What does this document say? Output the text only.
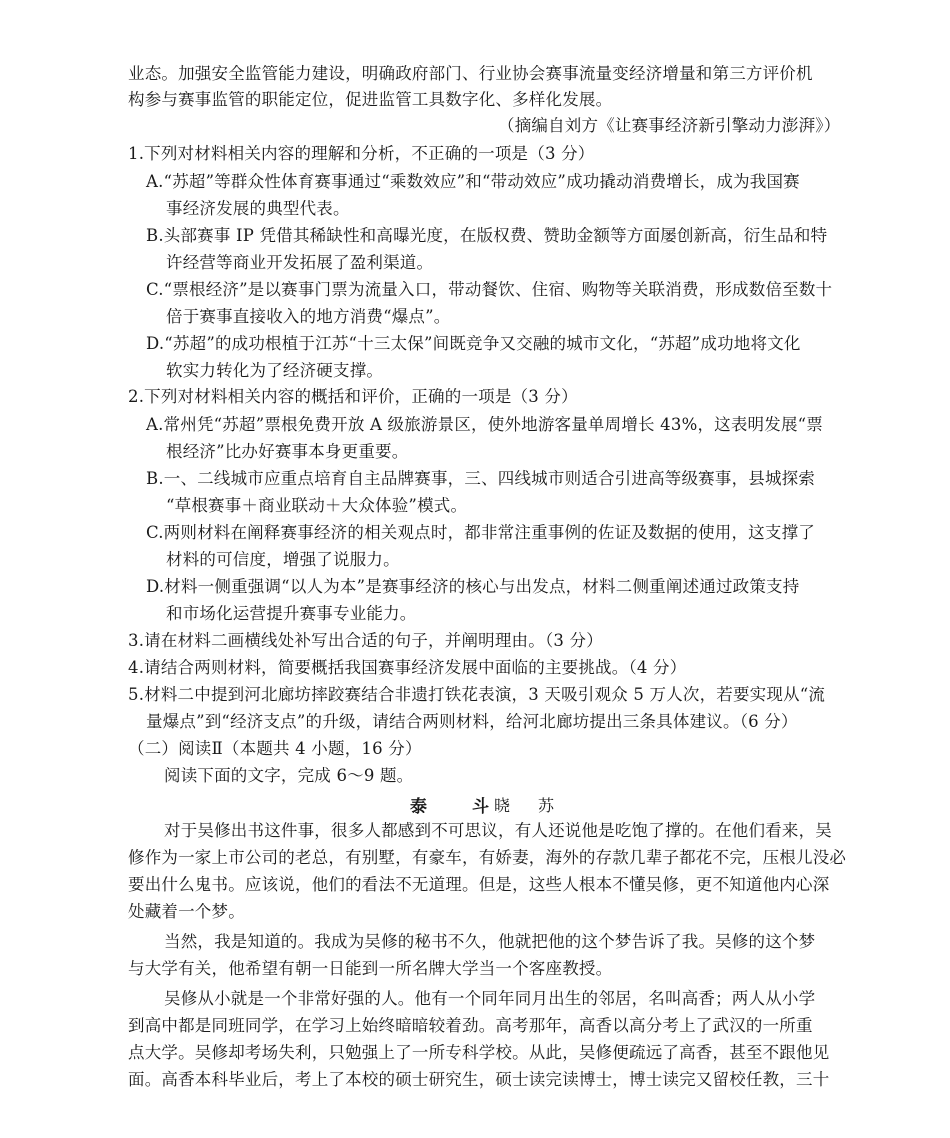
业态。加强安全监管能力建设，明确政府部门、行业协会赛事流量变经济增量和第三方评价机
构参与赛事监管的职能定位，促进监管工具数字化、多样化发展。
（摘编自刘方《让赛事经济新引擎动力澎湃》）
1.下列对材料相关内容的理解和分析，不正确的一项是（3 分）
A.“苏超”等群众性体育赛事通过“乘数效应”和“带动效应”成功撬动消费增长，成为我国赛
事经济发展的典型代表。
B.头部赛事 IP 凭借其稀缺性和高曝光度，在版权费、赞助金额等方面屡创新高，衍生品和特
许经营等商业开发拓展了盈利渠道。
C.“票根经济”是以赛事门票为流量入口，带动餐饮、住宿、购物等关联消费，形成数倍至数十
倍于赛事直接收入的地方消费“爆点”。
D.“苏超”的成功根植于江苏“十三太保”间既竞争又交融的城市文化，“苏超”成功地将文化
软实力转化为了经济硬支撑。
2.下列对材料相关内容的概括和评价，正确的一项是（3 分）
A.常州凭“苏超”票根免费开放 A 级旅游景区，使外地游客量单周增长 43%，这表明发展“票
根经济”比办好赛事本身更重要。
B.一、二线城市应重点培育自主品牌赛事，三、四线城市则适合引进高等级赛事，县城探索
“草根赛事＋商业联动＋大众体验”模式。
C.两则材料在阐释赛事经济的相关观点时，都非常注重事例的佐证及数据的使用，这支撑了
材料的可信度，增强了说服力。
D.材料一侧重强调“以人为本”是赛事经济的核心与出发点，材料二侧重阐述通过政策支持
和市场化运营提升赛事专业能力。
3.请在材料二画横线处补写出合适的句子，并阐明理由。（3 分）
4.请结合两则材料，简要概括我国赛事经济发展中面临的主要挑战。（4 分）
5.材料二中提到河北廊坊摔跤赛结合非遗打铁花表演，3 天吸引观众 5 万人次，若要实现从“流
量爆点”到“经济支点”的升级，请结合两则材料，给河北廊坊提出三条具体建议。（6 分）
（二）阅读Ⅱ（本题共 4 小题，16 分）
阅读下面的文字，完成 6～9 题。
泰　斗
晓　苏
对于吴修出书这件事，很多人都感到不可思议，有人还说他是吃饱了撑的。在他们看来，吴
修作为一家上市公司的老总，有别墅，有豪车，有娇妻，海外的存款几辈子都花不完，压根儿没必
要出什么鬼书。应该说，他们的看法不无道理。但是，这些人根本不懂吴修，更不知道他内心深
处藏着一个梦。
当然，我是知道的。我成为吴修的秘书不久，他就把他的这个梦告诉了我。吴修的这个梦
与大学有关，他希望有朝一日能到一所名牌大学当一个客座教授。
吴修从小就是一个非常好强的人。他有一个同年同月出生的邻居，名叫高香；两人从小学
到高中都是同班同学，在学习上始终暗暗较着劲。高考那年，高香以高分考上了武汉的一所重
点大学。吴修却考场失利，只勉强上了一所专科学校。从此，吴修便疏远了高香，甚至不跟他见
面。高香本科毕业后，考上了本校的硕士研究生，硕士读完读博士，博士读完又留校任教，三十
